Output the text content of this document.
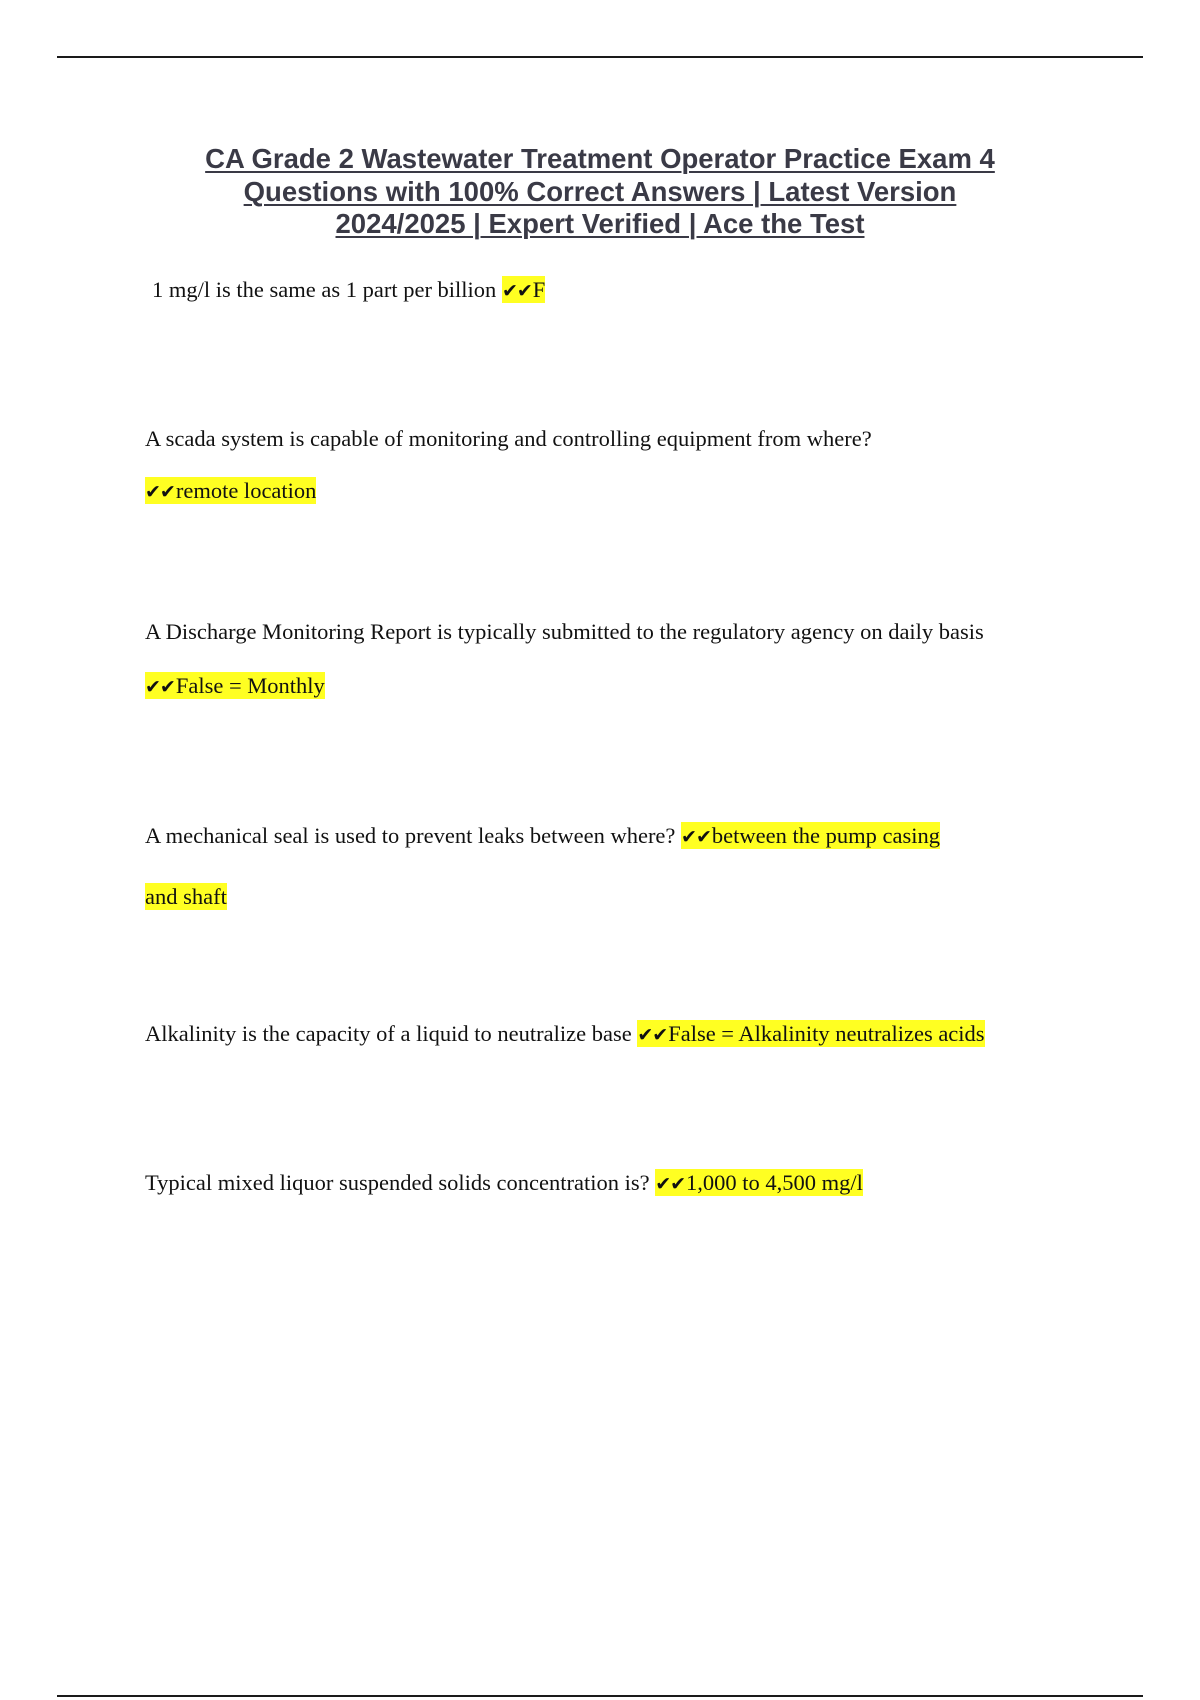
CA Grade 2 Wastewater Treatment Operator Practice Exam 4
Questions with 100% Correct Answers | Latest Version
2024/2025 | Expert Verified | Ace the Test
1 mg/l is the same as 1 part per billion ✔✔F
A scada system is capable of monitoring and controlling equipment from where?
✔✔remote location
A Discharge Monitoring Report is typically submitted to the regulatory agency on daily basis
✔✔False = Monthly
A mechanical seal is used to prevent leaks between where? ✔✔between the pump casing
and shaft
Alkalinity is the capacity of a liquid to neutralize base ✔✔False = Alkalinity neutralizes acids
Typical mixed liquor suspended solids concentration is? ✔✔1,000 to 4,500 mg/l
